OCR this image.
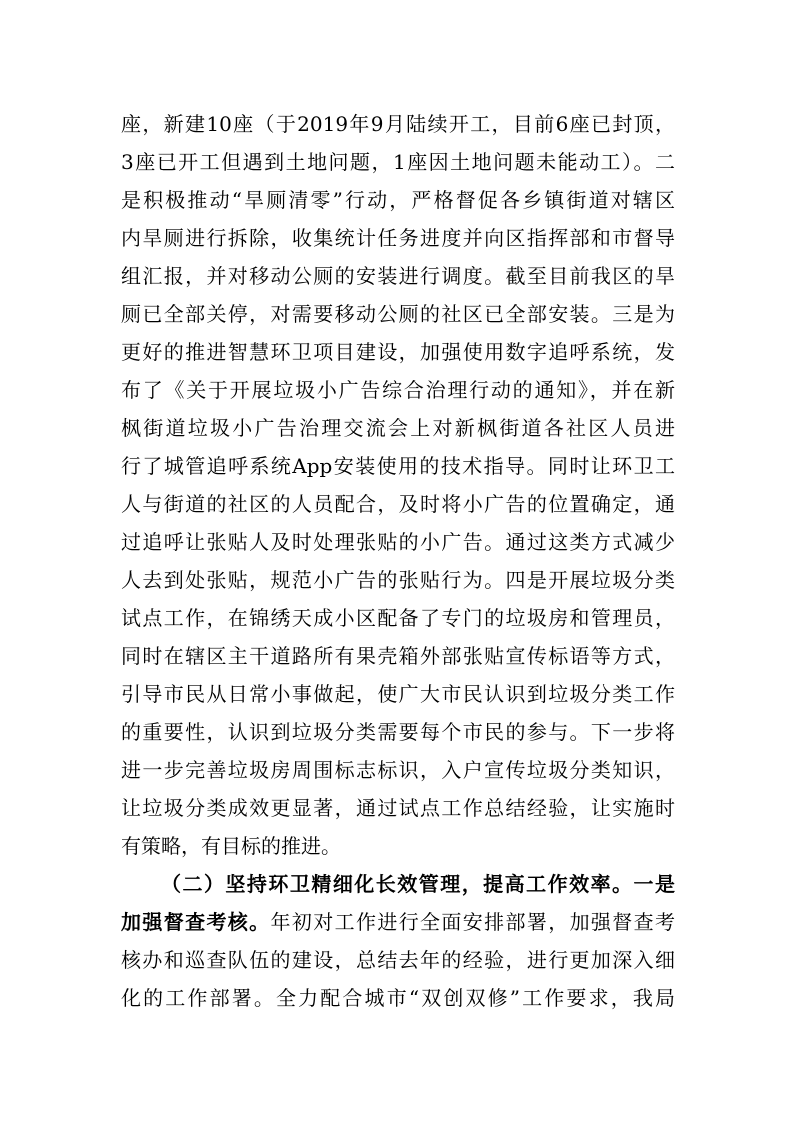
座，新建10座（于2019年9月陆续开工，目前6座已封顶，
3座已开工但遇到土地问题，1座因土地问题未能动工）。二
是积极推动“旱厕清零”行动，严格督促各乡镇街道对辖区
内旱厕进行拆除，收集统计任务进度并向区指挥部和市督导
组汇报，并对移动公厕的安装进行调度。截至目前我区的旱
厕已全部关停，对需要移动公厕的社区已全部安装。三是为
更好的推进智慧环卫项目建设，加强使用数字追呼系统，发
布了《关于开展垃圾小广告综合治理行动的通知》，并在新
枫街道垃圾小广告治理交流会上对新枫街道各社区人员进
行了城管追呼系统App安装使用的技术指导。同时让环卫工
人与街道的社区的人员配合，及时将小广告的位置确定，通
过追呼让张贴人及时处理张贴的小广告。通过这类方式减少
人去到处张贴，规范小广告的张贴行为。四是开展垃圾分类
试点工作，在锦绣天成小区配备了专门的垃圾房和管理员，
同时在辖区主干道路所有果壳箱外部张贴宣传标语等方式，
引导市民从日常小事做起，使广大市民认识到垃圾分类工作
的重要性，认识到垃圾分类需要每个市民的参与。下一步将
进一步完善垃圾房周围标志标识，入户宣传垃圾分类知识，
让垃圾分类成效更显著，通过试点工作总结经验，让实施时
有策略，有目标的推进。
（二）坚持环卫精细化长效管理，提高工作效率。一是
加强督查考核。年初对工作进行全面安排部署，加强督查考
核办和巡查队伍的建设，总结去年的经验，进行更加深入细
化的工作部署。全力配合城市“双创双修”工作要求，我局
